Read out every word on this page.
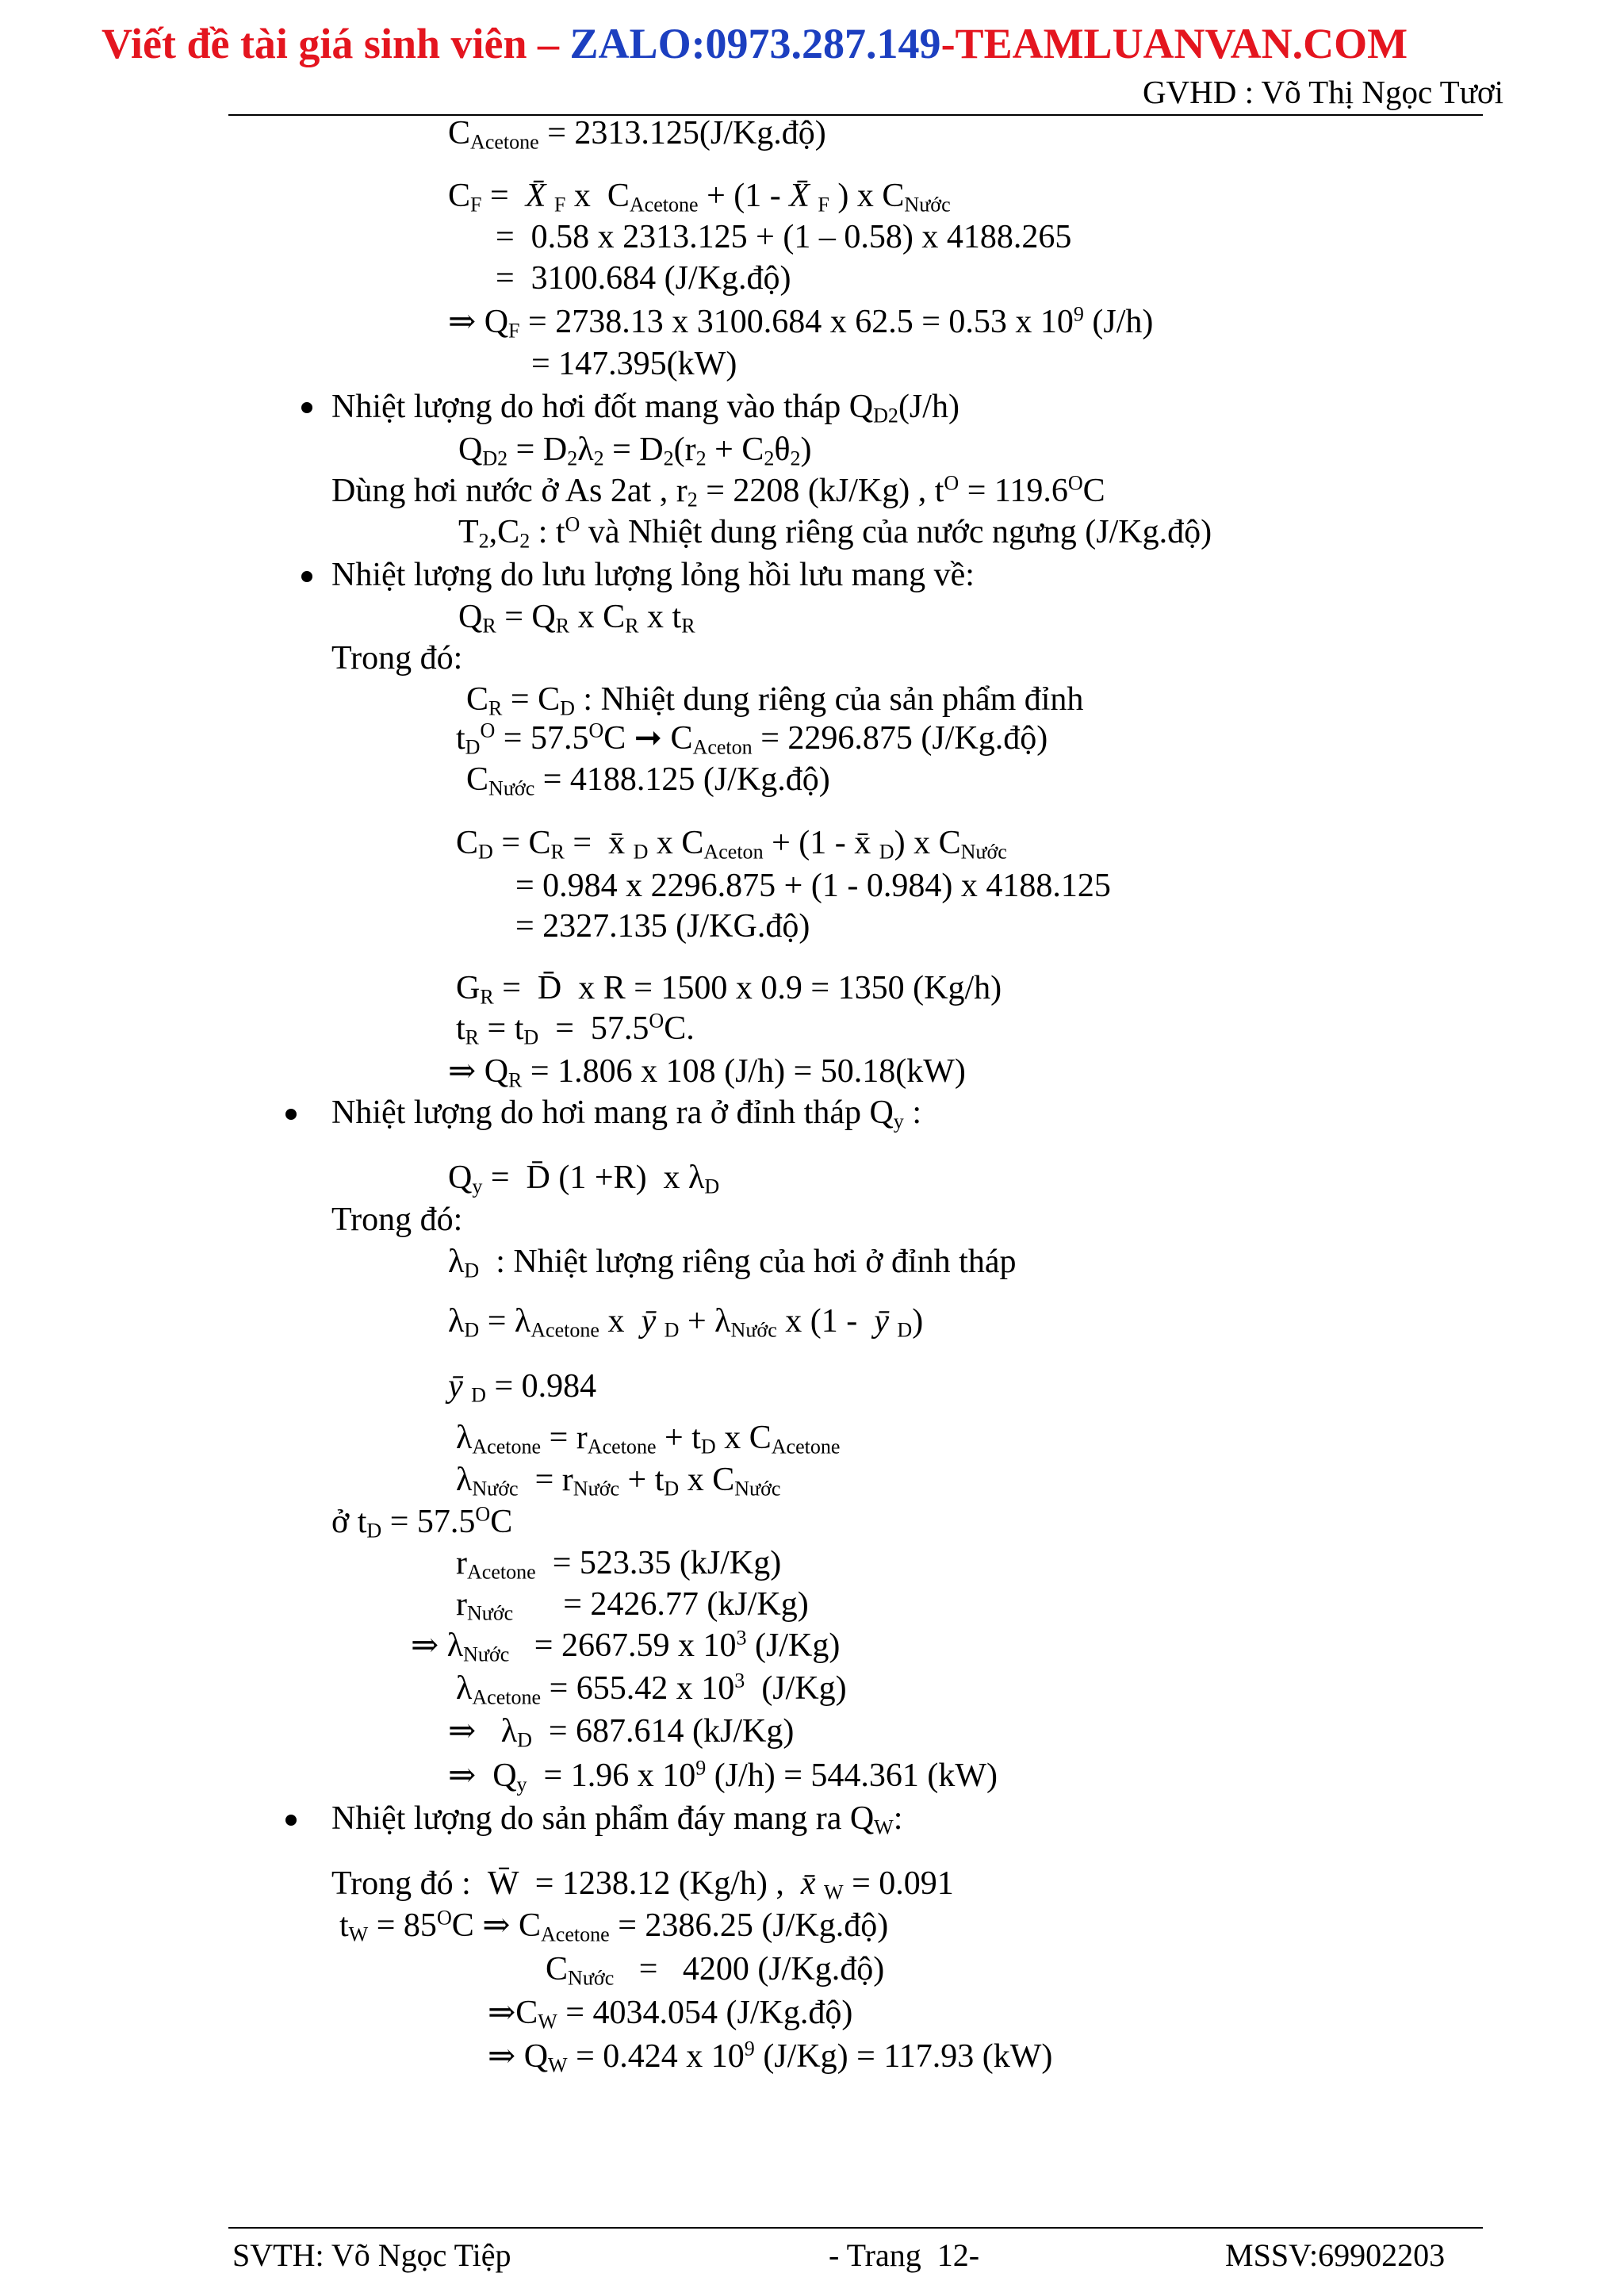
Viết đề tài giá sinh viên – ZALO:0973.287.149-TEAMLUANVAN.COM
GVHD : Võ Thị Ngọc Tươi
$C_{Acetone}$ = 2313.125(J/Kg.độ)
$C_F$ =  X̄ $_F$ x  $C_{Acetone} + (1$ - X̄ $_F$ ) x $C_{Nước}$
=  0.58 x 2313.125 + (1 – 0.58) x 4188.265
=  3100.684 (J/Kg.độ)
⇒ $Q_F = 2738.13$ x 3100.684 x 62.5 = 0.53 x $10^9$ (J/h)
= 147.395(kW)
Nhiệt lượng do hơi đốt mang vào tháp $Q_{D2}(J/h)$
$Q_{D2} = D_2\lambda_2 = D_2(r_2 + C_2\theta_2)$
Dùng hơi nước ở As 2at , $r_2 = 2208$ (kJ/Kg) , $t^O = 119.6^OC$
$T_2,C_2$ : $t^O$ và Nhiệt dung riêng của nước ngưng (J/Kg.độ)
Nhiệt lượng do lưu lượng lỏng hồi lưu mang về:
$Q_R = Q_R$ x $C_R$ x $t_R$
Trong đó:
$C_R = C_D$ : Nhiệt dung riêng của sản phẩm đỉnh
$t_D^O = 57.5^OC$ ➞ $C_{Aceton} = 2296.875$ (J/Kg.độ)
$C_{Nước} = 4188.125$ (J/Kg.độ)
$C_D = C_R$ =  x̄ $_D$ x $C_{Aceton} + (1$ - x̄ $_D$) x $C_{Nước}$
= 0.984 x 2296.875 + (1 - 0.984) x 4188.125
= 2327.135 (J/KG.độ)
$G_R$ =  D̄  x R = 1500 x 0.9 = 1350 (Kg/h)
$t_R = t_D = 57.5^OC$.
⇒ $Q_R = 1.806$ x 108 (J/h) = 50.18(kW)
Nhiệt lượng do hơi mang ra ở đỉnh tháp $Q_y$ :
$Q_y$ =  D̄ (1 +R)  x $\lambda_D$
Trong đó:
$\lambda_D$  : Nhiệt lượng riêng của hơi ở đỉnh tháp
$\lambda_D = \lambda_{Acetone}$ x  ȳ $_D + \lambda_{Nước}$ x (1 -  ȳ $_D$)
ȳ $_D$ = 0.984
$\lambda_{Acetone} = r_{Acetone} + t_D$ x $C_{Acetone}$
$\lambda_{Nước} = r_{Nước} + t_D$ x $C_{Nước}$
ở $t_D = 57.5^OC$
$r_{Acetone} = 523.35$ (kJ/Kg)
$r_{Nước}$      = 2426.77 (kJ/Kg)
⇒ $\lambda_{Nước} = 2667.59$ x $10^3$ (J/Kg)
$\lambda_{Acetone} = 655.42$ x $10^3$  (J/Kg)
⇒   $\lambda_D = 687.614$ (kJ/Kg)
⇒  $Q_y = 1.96$ x $10^9$ (J/h) = 544.361 (kW)
Nhiệt lượng do sản phẩm đáy mang ra $Q_W$:
Trong đó :  W̄  = 1238.12 (Kg/h) ,  x̄ $_W$ = 0.091
$t_W = 85^OC$ ⇒ $C_{Acetone} = 2386.25$ (J/Kg.độ)
$C_{Nước} = 4200$ (J/Kg.độ)
$\Rightarrow C_W = 4034.054$ (J/Kg.độ)
⇒ $Q_W = 0.424$ x $10^9$ (J/Kg) = 117.93 (kW)
SVTH: Võ Ngọc Tiệp	- Trang  12-	MSSV:69902203
